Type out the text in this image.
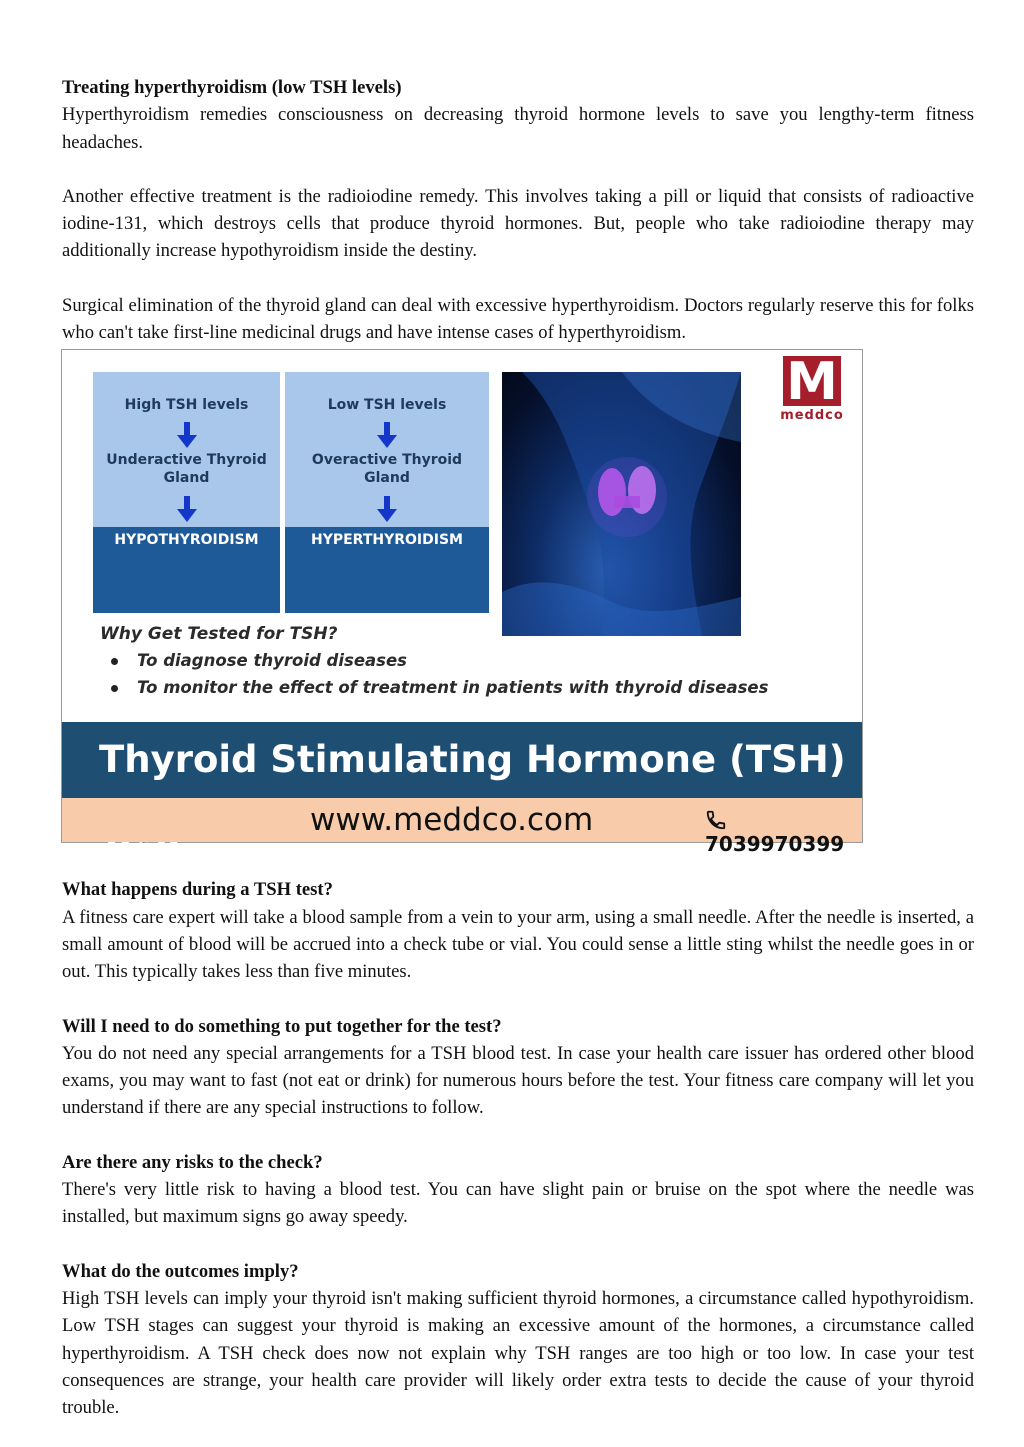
Treating hyperthyroidism (low TSH levels)

Hyperthyroidism remedies consciousness on decreasing thyroid hormone levels to save you lengthy-term fitness headaches.

Another effective treatment is the radioiodine remedy. This involves taking a pill or liquid that consists of radioactive iodine-131, which destroys cells that produce thyroid hormones. But, people who take radioiodine therapy may additionally increase hypothyroidism inside the destiny.

Surgical elimination of the thyroid gland can deal with excessive hyperthyroidism. Doctors regularly reserve this for folks who can't take first-line medicinal drugs and have intense cases of hyperthyroidism.

High TSH levels
Underactive Thyroid Gland
HYPOTHYROIDISM
Low TSH levels
Overactive Thyroid Gland
HYPERTHYROIDISM
M
meddco
Why Get Tested for TSH?
To diagnose thyroid diseases
To monitor the effect of treatment in patients with thyroid diseases
Thyroid Stimulating Hormone (TSH)
www.meddco.com
7039970399

What happens during a TSH test?

A fitness care expert will take a blood sample from a vein to your arm, using a small needle. After the needle is inserted, a small amount of blood will be accrued into a check tube or vial. You could sense a little sting whilst the needle goes in or out. This typically takes less than five minutes.

Will I need to do something to put together for the test?

You do not need any special arrangements for a TSH blood test. In case your health care issuer has ordered other blood exams, you may want to fast (not eat or drink) for numerous hours before the test. Your fitness care company will let you understand if there are any special instructions to follow.

Are there any risks to the check?

There's very little risk to having a blood test. You can have slight pain or bruise on the spot where the needle was installed, but maximum signs go away speedy.

What do the outcomes imply?

High TSH levels can imply your thyroid isn't making sufficient thyroid hormones, a circumstance called hypothyroidism. Low TSH stages can suggest your thyroid is making an excessive amount of the hormones, a circumstance called hyperthyroidism. A TSH check does now not explain why TSH ranges are too high or too low. In case your test consequences are strange, your health care provider will likely order extra tests to decide the cause of your thyroid trouble.
